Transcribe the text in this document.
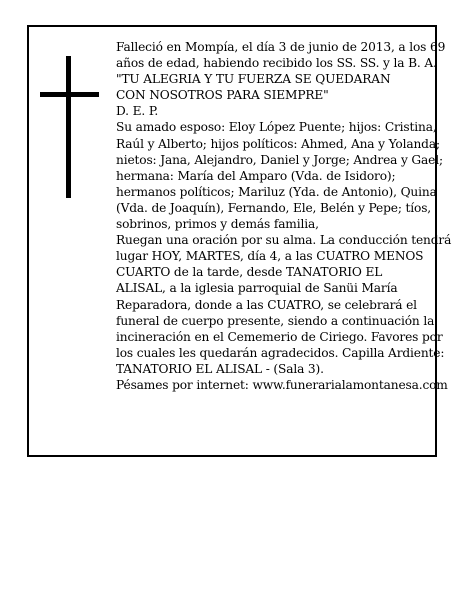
Falleció en Mompía, el día 3 de junio de 2013, a los 69
años de edad, habiendo recibido los SS. SS. y la B. A.
"TU ALEGRIA Y TU FUERZA SE QUEDARAN
CON NOSOTROS PARA SIEMPRE"
D. E. P.
Su amado esposo: Eloy López Puente; hijos: Cristina,
Raúl y Alberto; hijos políticos: Ahmed, Ana y Yolanda;
nietos: Jana, Alejandro, Daniel y Jorge; Andrea y Gael;
hermana: María del Amparo (Vda. de Isidoro);
hermanos políticos; Mariluz (Yda. de Antonio), Quina
(Vda. de Joaquín), Fernando, Ele, Belén y Pepe; tíos,
sobrinos, primos y demás familia,
Ruegan una oración por su alma. La conducción tendrá
lugar HOY, MARTES, día 4, a las CUATRO MENOS
CUARTO de la tarde, desde TANATORIO EL
ALISAL, a la iglesia parroquial de Sanüi María
Reparadora, donde a las CUATRO, se celebrará el
funeral de cuerpo presente, siendo a continuación la
incineración en el Cememerio de Ciriego. Favores por
los cuales les quedarán agradecidos. Capilla Ardiente:
TANATORIO EL ALISAL - (Sala 3).
Pésames por internet: www.funerarialamontanesa.com
